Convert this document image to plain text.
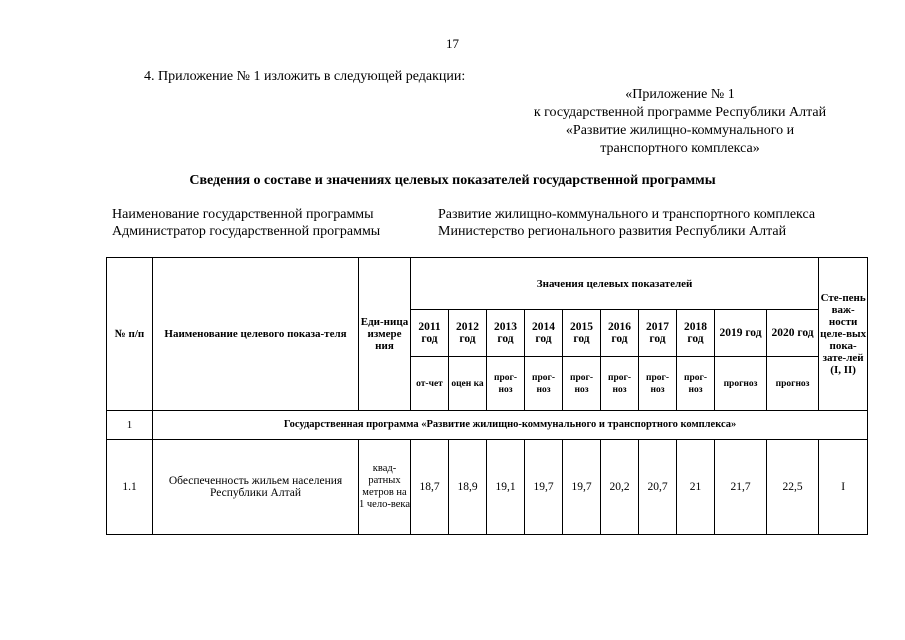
17
4. Приложение № 1 изложить в следующей редакции:
«Приложение № 1
к государственной программе Республики Алтай
«Развитие жилищно-коммунального и
транспортного комплекса»
Сведения о составе и значениях целевых показателей государственной программы
Наименование государственной программы	Развитие жилищно-коммунального и транспортного комплекса
Администратор государственной программы	Министерство регионального развития Республики Алтай
№ п/п	Наименование целевого показа-теля	Еди-ница измере ния	Значения целевых показателей										Сте-пень важ-ности целе-вых пока-зате-лей (I, II)
			2011 год	2012 год	2013 год	2014 год	2015 год	2016 год	2017 год	2018 год	2019 год	2020 год	
			от-чет	оцен ка	прог-ноз	прог-ноз	прог-ноз	прог-ноз	прог-ноз	прог-ноз	прогноз	прогноз	
1	Государственная программа «Развитие жилищно-коммунального и транспортного комплекса»												
1.1	Обеспеченность жильем населения Республики Алтай	квад-ратных метров на 1 чело-века	18,7	18,9	19,1	19,7	19,7	20,2	20,7	21	21,7	22,5	I
